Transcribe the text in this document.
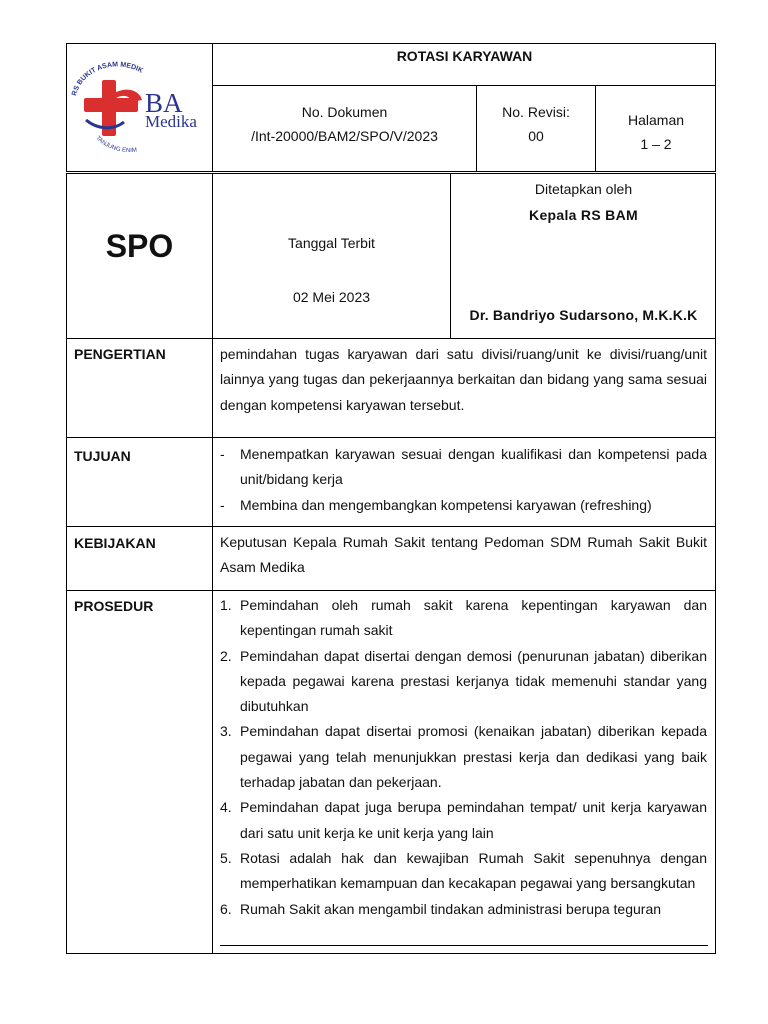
RS BUKIT ASAM MEDIK
TANJUNG ENIM
BA
Medika
ROTASI KARYAWAN
No. Dokumen
/Int-20000/BAM2/SPO/V/2023
No. Revisi:
00
Halaman
1 – 2
SPO	Tanggal Terbit
02 Mei 2023
Ditetapkan oleh
Kepala RS BAM
Dr. Bandriyo Sudarsono, M.K.K.K
PENGERTIAN	pemindahan tugas karyawan dari satu divisi/ruang/unit ke divisi/ruang/unit lainnya yang tugas dan pekerjaannya berkaitan dan bidang yang sama sesuai dengan kompetensi karyawan tersebut.
TUJUAN
-	Menempatkan karyawan sesuai dengan kualifikasi dan kompetensi pada unit/bidang kerja
- Membina dan mengembangkan kompetensi karyawan (refreshing)
KEBIJAKAN	Keputusan Kepala Rumah Sakit tentang Pedoman SDM Rumah Sakit Bukit Asam Medika
PROSEDUR	1. Pemindahan oleh rumah sakit karena kepentingan karyawan dan kepentingan rumah sakit
2. Pemindahan dapat disertai dengan demosi (penurunan jabatan) diberikan kepada pegawai karena prestasi kerjanya tidak memenuhi standar yang dibutuhkan
3. Pemindahan dapat disertai promosi (kenaikan jabatan) diberikan kepada pegawai yang telah menunjukkan prestasi kerja dan dedikasi yang baik terhadap jabatan dan pekerjaan.
4. Pemindahan dapat juga berupa pemindahan tempat/ unit kerja karyawan dari satu unit kerja ke unit kerja yang lain
5. Rotasi adalah hak dan kewajiban Rumah Sakit sepenuhnya dengan memperhatikan kemampuan dan kecakapan pegawai yang bersangkutan
6. Rumah Sakit akan mengambil tindakan administrasi berupa teguran
